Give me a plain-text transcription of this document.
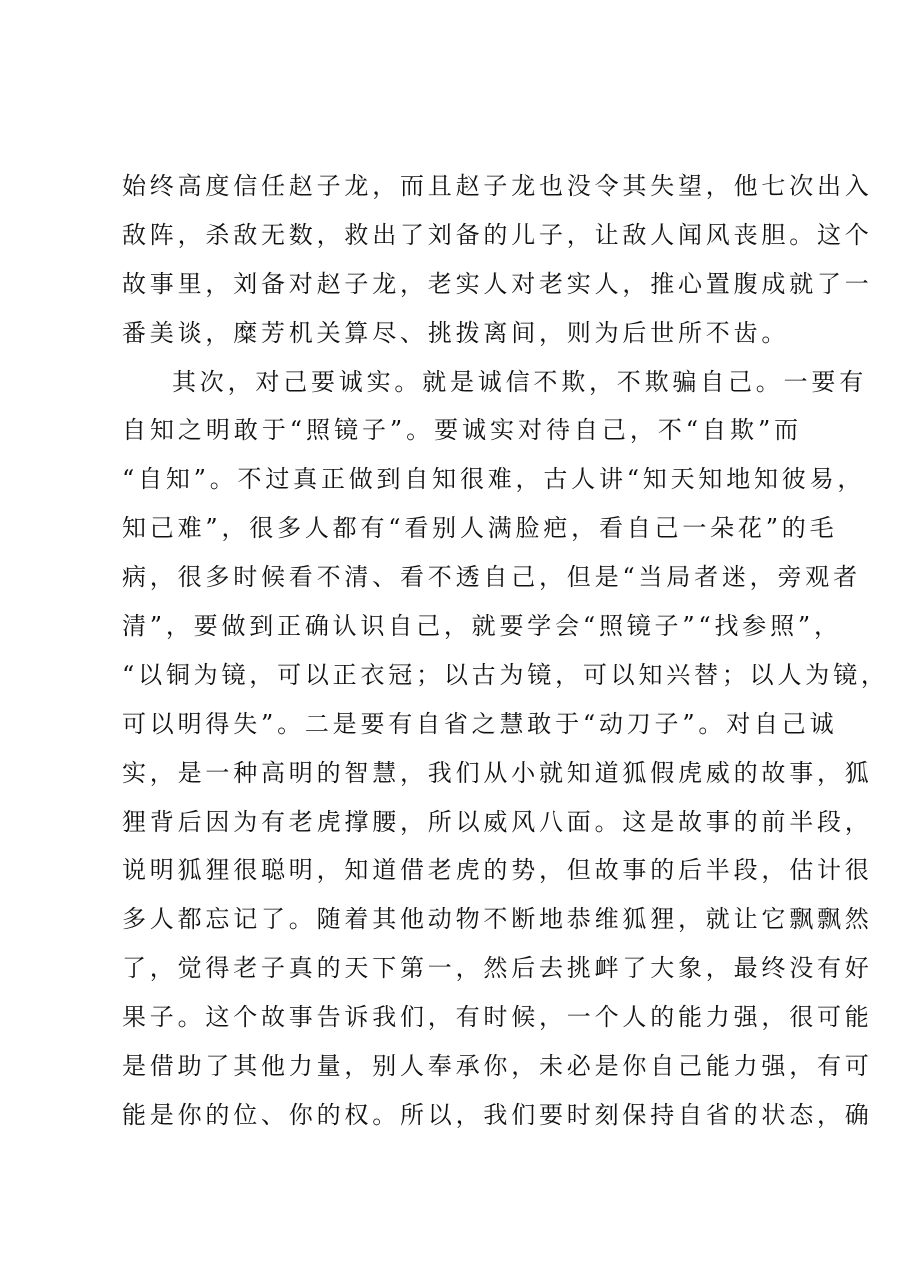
始终高度信任赵子龙，而且赵子龙也没令其失望，他七次出入
敌阵，杀敌无数，救出了刘备的儿子，让敌人闻风丧胆。这个
故事里，刘备对赵子龙，老实人对老实人，推心置腹成就了一
番美谈，糜芳机关算尽、挑拨离间，则为后世所不齿。
其次，对己要诚实。就是诚信不欺，不欺骗自己。一要有
自知之明敢于“照镜子”。要诚实对待自己，不“自欺”而
“自知”。不过真正做到自知很难，古人讲“知天知地知彼易，
知己难”，很多人都有“看别人满脸疤，看自己一朵花”的毛
病，很多时候看不清、看不透自己，但是“当局者迷，旁观者
清”，要做到正确认识自己，就要学会“照镜子”“找参照”，
“以铜为镜，可以正衣冠；以古为镜，可以知兴替；以人为镜，
可以明得失”。二是要有自省之慧敢于“动刀子”。对自己诚
实，是一种高明的智慧，我们从小就知道狐假虎威的故事，狐
狸背后因为有老虎撑腰，所以威风八面。这是故事的前半段，
说明狐狸很聪明，知道借老虎的势，但故事的后半段，估计很
多人都忘记了。随着其他动物不断地恭维狐狸，就让它飘飘然
了，觉得老子真的天下第一，然后去挑衅了大象，最终没有好
果子。这个故事告诉我们，有时候，一个人的能力强，很可能
是借助了其他力量，别人奉承你，未必是你自己能力强，有可
能是你的位、你的权。所以，我们要时刻保持自省的状态，确
